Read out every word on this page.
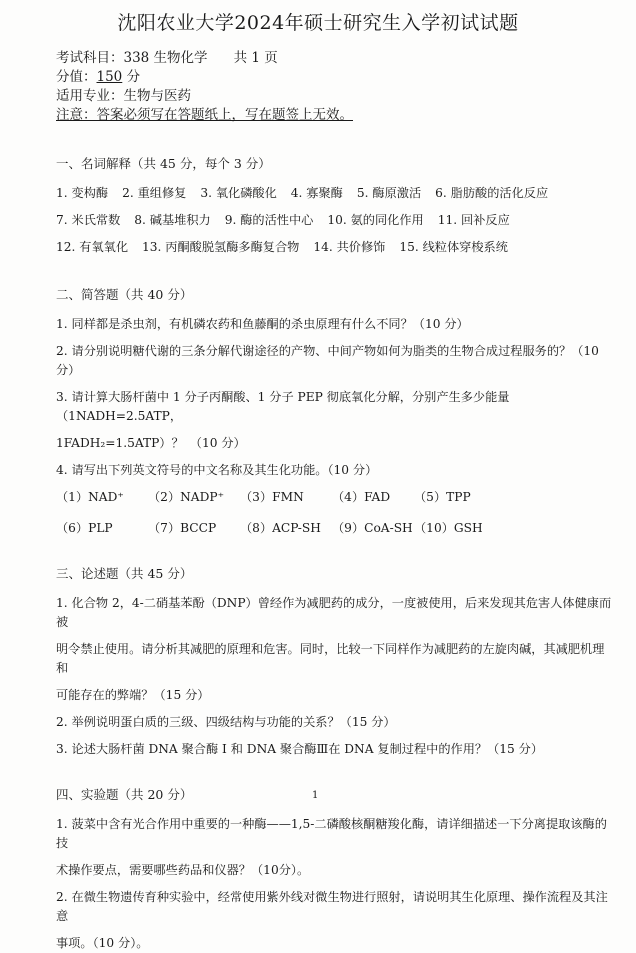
沈阳农业大学2024年硕士研究生入学初试试题
考试科目：338 生物化学 共 1 页
分值：150 分
适用专业：生物与医药
注意：答案必须写在答题纸上，写在题签上无效。
一、名词解释（共 45 分，每个 3 分）
1. 变构酶 2. 重组修复 3. 氧化磷酸化 4. 寡聚酶 5. 酶原激活 6. 脂肪酸的活化反应
7. 米氏常数 8. 碱基堆积力 9. 酶的活性中心 10. 氨的同化作用 11. 回补反应
12. 有氧氧化 13. 丙酮酸脱氢酶多酶复合物 14. 共价修饰 15. 线粒体穿梭系统
二、简答题（共 40 分）
1. 同样都是杀虫剂，有机磷农药和鱼藤酮的杀虫原理有什么不同？（10 分）
2. 请分别说明糖代谢的三条分解代谢途径的产物、中间产物如何为脂类的生物合成过程服务的？（10 分）

3. 请计算大肠杆菌中 1 分子丙酮酸、1 分子 PEP 彻底氧化分解，分别产生多少能量（1NADH=2.5ATP，

1FADH₂=1.5ATP）？　（10 分）

4. 请写出下列英文符号的中文名称及其生化功能。（10 分）
（1）NAD⁺	（2）NADP⁺	（3）FMN	（4）FAD	（5）TPP
（6）PLP	（7）BCCP	（8）ACP-SH （9）CoA-SH （10）GSH
三、论述题（共 45 分）

1. 化合物 2，4-二硝基苯酚（DNP）曾经作为减肥药的成分，一度被使用，后来发现其危害人体健康而被

明令禁止使用。请分析其减肥的原理和危害。同时，比较一下同样作为减肥药的左旋肉碱，其减肥机理和

可能存在的弊端？（15 分）

2. 举例说明蛋白质的三级、四级结构与功能的关系？（15 分）
3. 论述大肠杆菌 DNA 聚合酶 Ⅰ 和 DNA 聚合酶Ⅲ在 DNA 复制过程中的作用？（15 分）
四、实验题（共 20 分）

1. 菠菜中含有光合作用中重要的一种酶——1,5-二磷酸核酮糖羧化酶，请详细描述一下分离提取该酶的技

术操作要点，需要哪些药品和仪器？（10分）。

2. 在微生物遗传育种实验中，经常使用紫外线对微生物进行照射，请说明其生化原理、操作流程及其注意

事项。（10 分）。

1
